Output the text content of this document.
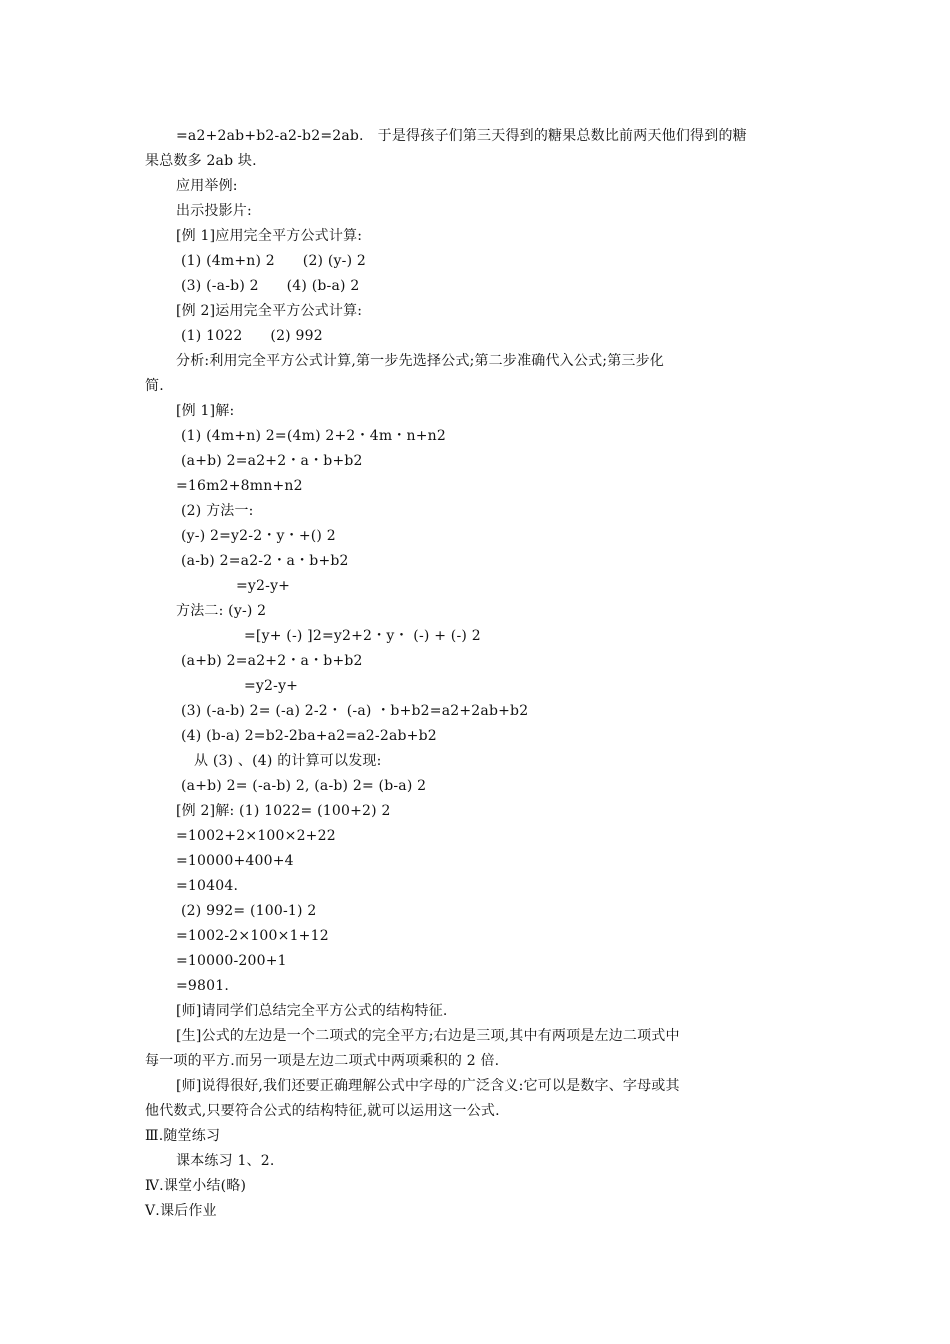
=a2+2ab+b2-a2-b2=2ab.   于是得孩子们第三天得到的糖果总数比前两天他们得到的糖
果总数多 2ab 块.
应用举例:
出示投影片:
[例 1]应用完全平方公式计算:
(1) (4m+n) 2      (2) (y-) 2
(3) (-a-b) 2      (4) (b-a) 2
[例 2]运用完全平方公式计算:
(1) 1022      (2) 992
分析:利用完全平方公式计算,第一步先选择公式;第二步准确代入公式;第三步化
简.
[例 1]解:
(1) (4m+n) 2=(4m) 2+2・4m・n+n2
(a+b) 2=a2+2・a・b+b2
=16m2+8mn+n2
(2) 方法一:
(y-) 2=y2-2・y・+() 2
(a-b) 2=a2-2・a・b+b2
=y2-y+
方法二: (y-) 2
=[y+ (-) ]2=y2+2・y・ (-) + (-) 2
(a+b) 2=a2+2・a・b+b2
=y2-y+
(3) (-a-b) 2= (-a) 2-2・ (-a) ・b+b2=a2+2ab+b2
(4) (b-a) 2=b2-2ba+a2=a2-2ab+b2
从 (3) 、(4) 的计算可以发现:
(a+b) 2= (-a-b) 2, (a-b) 2= (b-a) 2
[例 2]解: (1) 1022= (100+2) 2
=1002+2×100×2+22
=10000+400+4
=10404.
(2) 992= (100-1) 2
=1002-2×100×1+12
=10000-200+1
=9801.
[师]请同学们总结完全平方公式的结构特征.
[生]公式的左边是一个二项式的完全平方;右边是三项,其中有两项是左边二项式中
每一项的平方.而另一项是左边二项式中两项乘积的 2 倍.
[师]说得很好,我们还要正确理解公式中字母的广泛含义:它可以是数字、字母或其
他代数式,只要符合公式的结构特征,就可以运用这一公式.
Ⅲ.随堂练习
课本练习 1、2.
Ⅳ.课堂小结(略)
Ⅴ.课后作业
